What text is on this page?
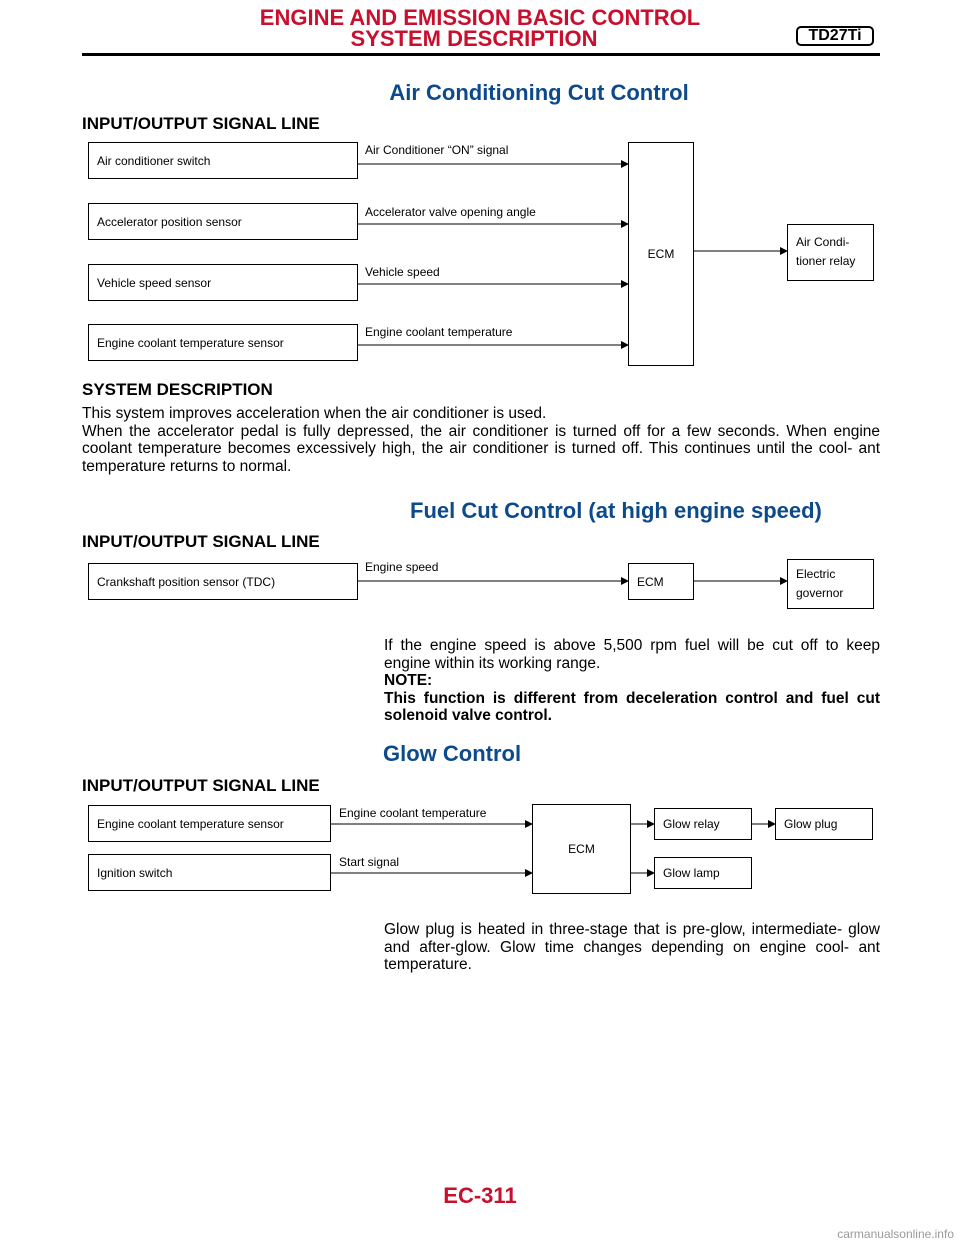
ENGINE AND EMISSION BASIC CONTROL
SYSTEM DESCRIPTION	TD27Ti
Air Conditioning Cut Control
INPUT/OUTPUT SIGNAL LINE
Air conditioner switch
Accelerator position sensor
Vehicle speed sensor
Engine coolant temperature sensor
Air Conditioner “ON” signal
Accelerator valve opening angle
Vehicle speed
Engine coolant temperature
ECM
Air Condi-
tioner relay
SYSTEM DESCRIPTION

This system improves acceleration when the air conditioner is used.

When the accelerator pedal is fully depressed, the air conditioner is turned off for a few seconds. When engine coolant temperature becomes excessively high, the air conditioner is turned off. This continues until the cool- ant temperature returns to normal.

Fuel Cut Control (at high engine speed)
INPUT/OUTPUT SIGNAL LINE
Crankshaft position sensor (TDC)
Engine speed
ECM
Electric
governor

If the engine speed is above 5,500 rpm fuel will be cut off to keep engine within its working range.

NOTE:

This function is different from deceleration control and fuel cut solenoid valve control.

Glow Control
INPUT/OUTPUT SIGNAL LINE
Engine coolant temperature sensor
Ignition switch
Engine coolant temperature
Start signal
ECM
Glow relay	Glow plug
Glow lamp
Glow plug is heated in three-stage that is pre-glow, intermediate- glow and after-glow. Glow time changes depending on engine cool- ant temperature.
EC-311
carmanualsonline.info
